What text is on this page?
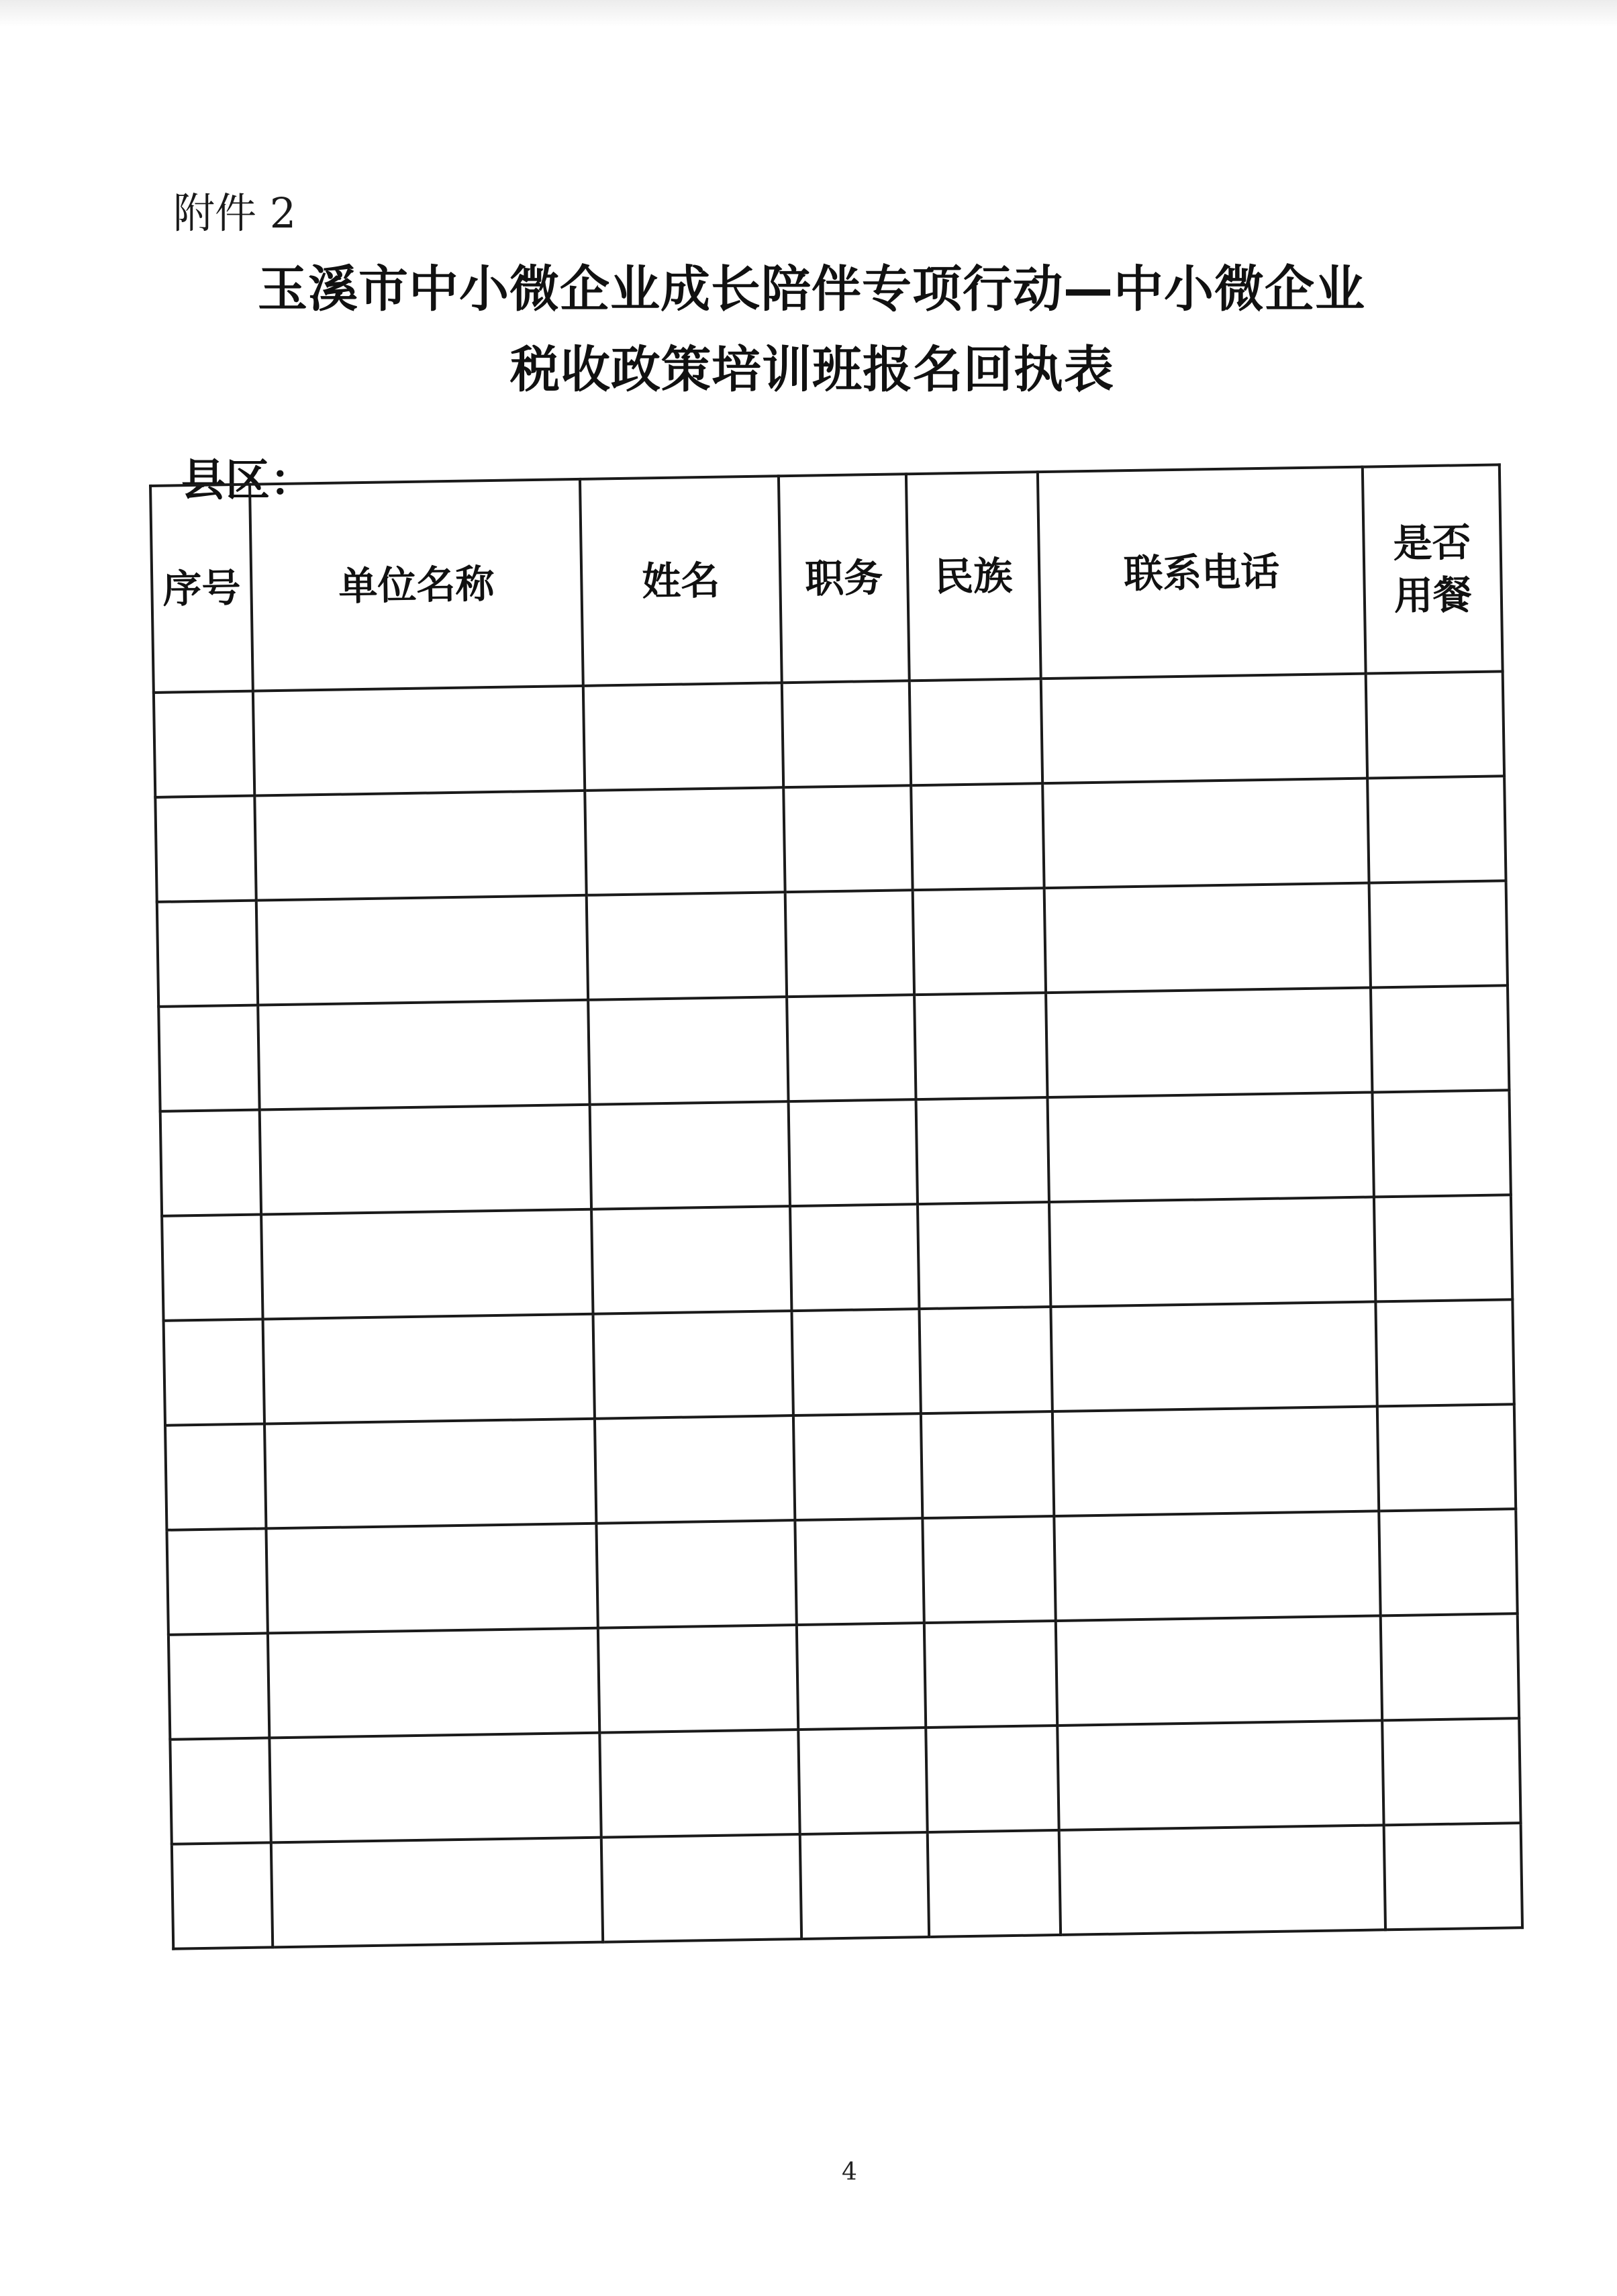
附件 2
玉溪市中小微企业成长陪伴专项行动—中小微企业
税收政策培训班报名回执表
县区：
序号	单位名称	姓名	职务	民族	联系电话	是否
用餐

4
